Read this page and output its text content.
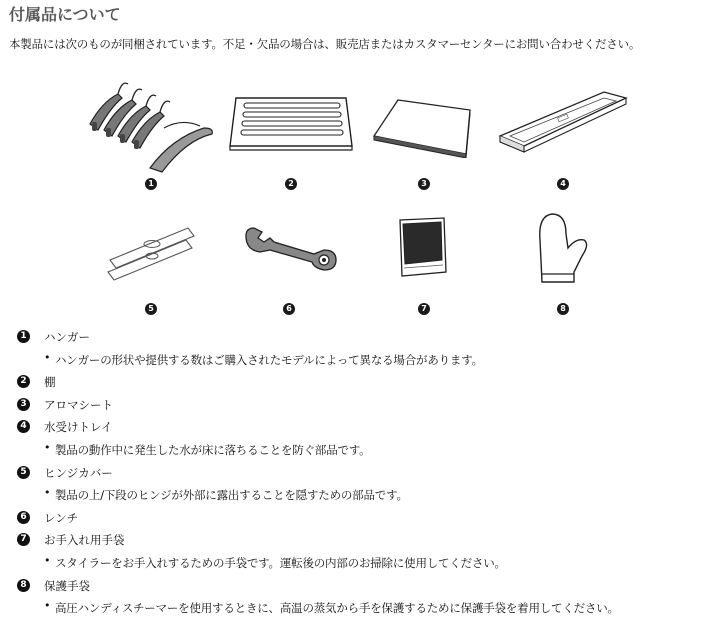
付属品について
本製品には次のものが同梱されています。不足・欠品の場合は、販売店またはカスタマーセンターにお問い合わせください。
1	2	3	4
5	6	7	8
1 ハンガー
• ハンガーの形状や提供する数はご購入されたモデルによって異なる場合があります。
2 棚
3 アロマシート
4 水受けトレイ
• 製品の動作中に発生した水が床に落ちることを防ぐ部品です。
5 ヒンジカバー
• 製品の上/下段のヒンジが外部に露出することを隠すための部品です。
6 レンチ
7 お手入れ用手袋
• スタイラーをお手入れするための手袋です。運転後の内部のお掃除に使用してください。
8 保護手袋
• 高圧ハンディスチーマーを使用するときに、高温の蒸気から手を保護するために保護手袋を着用してください。
